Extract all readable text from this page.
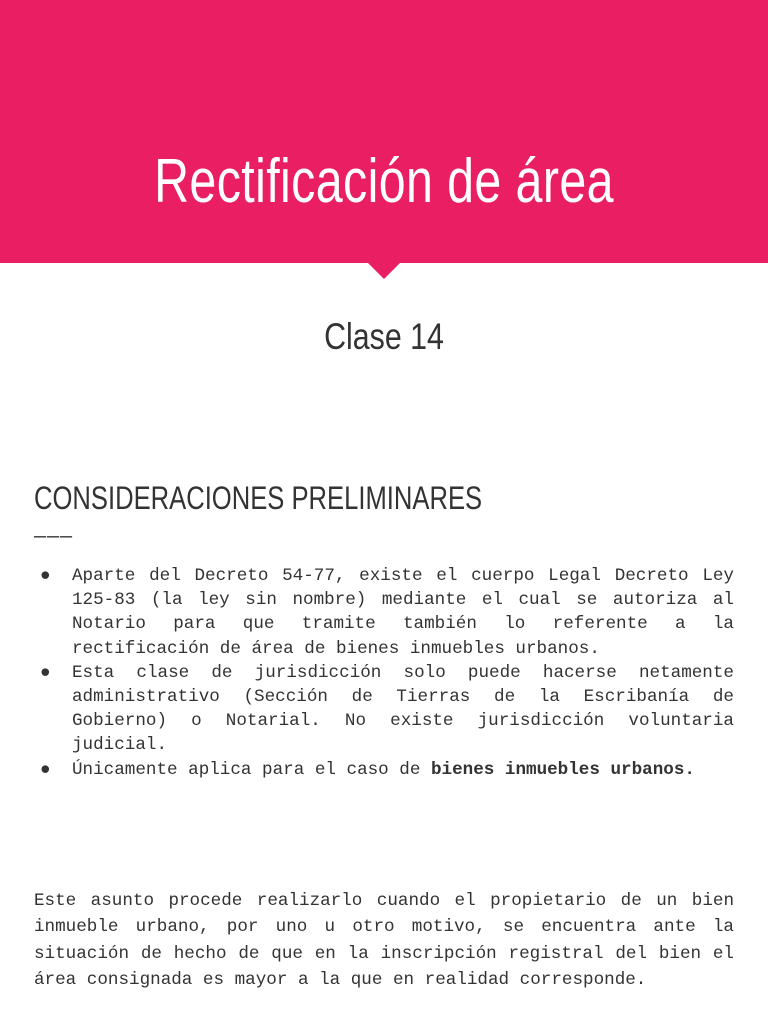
Rectificación de área
Clase 14
CONSIDERACIONES PRELIMINARES
———
● Aparte del Decreto 54-77, existe el cuerpo Legal Decreto Ley 125-83 (la ley sin nombre) mediante el cual se autoriza al Notario para que tramite también lo referente a la rectificación de área de bienes inmuebles urbanos.
● Esta clase de jurisdicción solo puede hacerse netamente administrativo (Sección de Tierras de la Escribanía de Gobierno) o Notarial. No existe jurisdicción voluntaria judicial.
● Únicamente aplica para el caso de bienes inmuebles urbanos.

Este asunto procede realizarlo cuando el propietario de un bien inmueble urbano, por uno u otro motivo, se encuentra ante la situación de hecho de que en la inscripción registral del bien el área consignada es mayor a la que en realidad corresponde.
